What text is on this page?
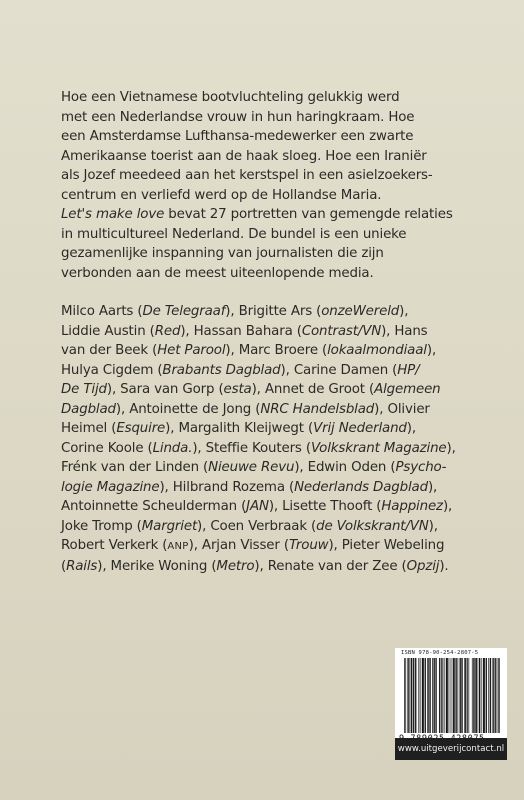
Hoe een Vietnamese bootvluchteling gelukkig werd
met een Nederlandse vrouw in hun haringkraam. Hoe
een Amsterdamse Lufthansa-medewerker een zwarte
Amerikaanse toerist aan de haak sloeg. Hoe een Iraniër
als Jozef meedeed aan het kerstspel in een asielzoekers-
centrum en verliefd werd op de Hollandse Maria.
Let's make love bevat 27 portretten van gemengde relaties
in multicultureel Nederland. De bundel is een unieke
gezamenlijke inspanning van journalisten die zijn
verbonden aan de meest uiteenlopende media.
Milco Aarts (De Telegraaf), Brigitte Ars (onzeWereld),
Liddie Austin (Red), Hassan Bahara (Contrast/VN), Hans
van der Beek (Het Parool), Marc Broere (lokaalmondiaal),
Hulya Cigdem (Brabants Dagblad), Carine Damen (HP/
De Tijd), Sara van Gorp (esta), Annet de Groot (Algemeen
Dagblad), Antoinette de Jong (NRC Handelsblad), Olivier
Heimel (Esquire), Margalith Kleijwegt (Vrij Nederland),
Corine Koole (Linda.), Steffie Kouters (Volkskrant Magazine),
Frénk van der Linden (Nieuwe Revu), Edwin Oden (Psycho-
logie Magazine), Hilbrand Rozema (Nederlands Dagblad),
Antoinnette Scheulderman (JAN), Lisette Thooft (Happinez),
Joke Tromp (Margriet), Coen Verbraak (de Volkskrant/VN),
Robert Verkerk (ANP), Arjan Visser (Trouw), Pieter Webeling
(Rails), Merike Woning (Metro), Renate van der Zee (Opzij).
ISBN 978-90-254-2807-5
www.uitgeverijcontact.nl
